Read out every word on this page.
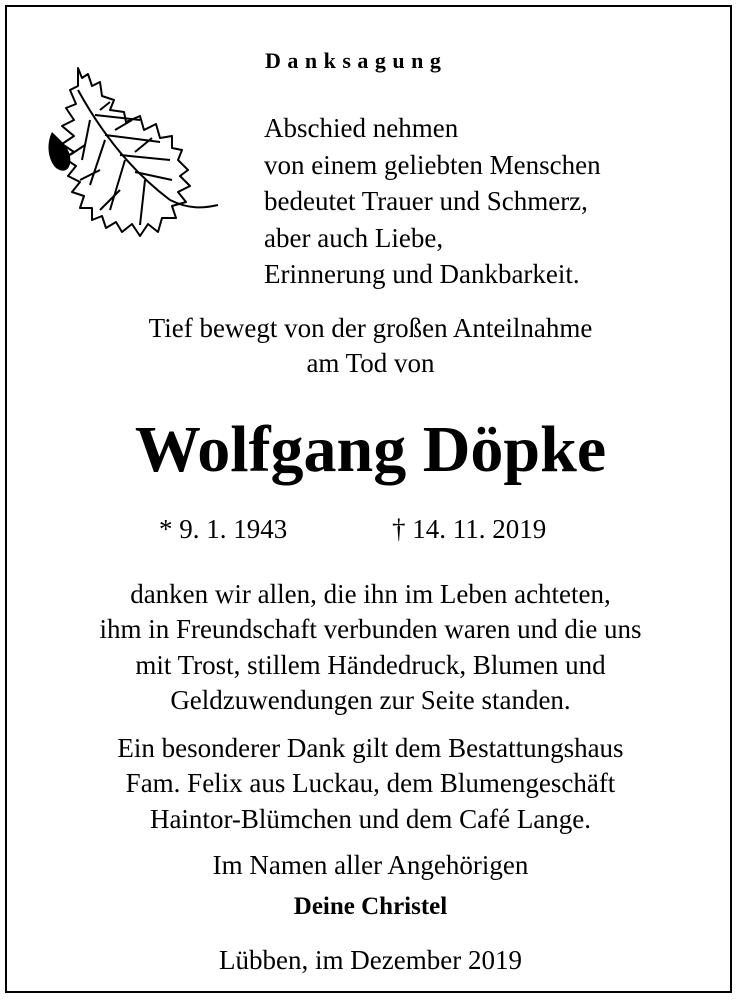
Danksagung
Abschied nehmen
von einem geliebten Menschen
bedeutet Trauer und Schmerz,
aber auch Liebe,
Erinnerung und Dankbarkeit.
Tief bewegt von der großen Anteilnahme
am Tod von
Wolfgang Döpke
* 9. 1. 1943	† 14. 11. 2019
danken wir allen, die ihn im Leben achteten,
ihm in Freundschaft verbunden waren und die uns
mit Trost, stillem Händedruck, Blumen und
Geldzuwendungen zur Seite standen.
Ein besonderer Dank gilt dem Bestattungshaus
Fam. Felix aus Luckau, dem Blumengeschäft
Haintor-Blümchen und dem Café Lange.
Im Namen aller Angehörigen
Deine Christel
Lübben, im Dezember 2019
